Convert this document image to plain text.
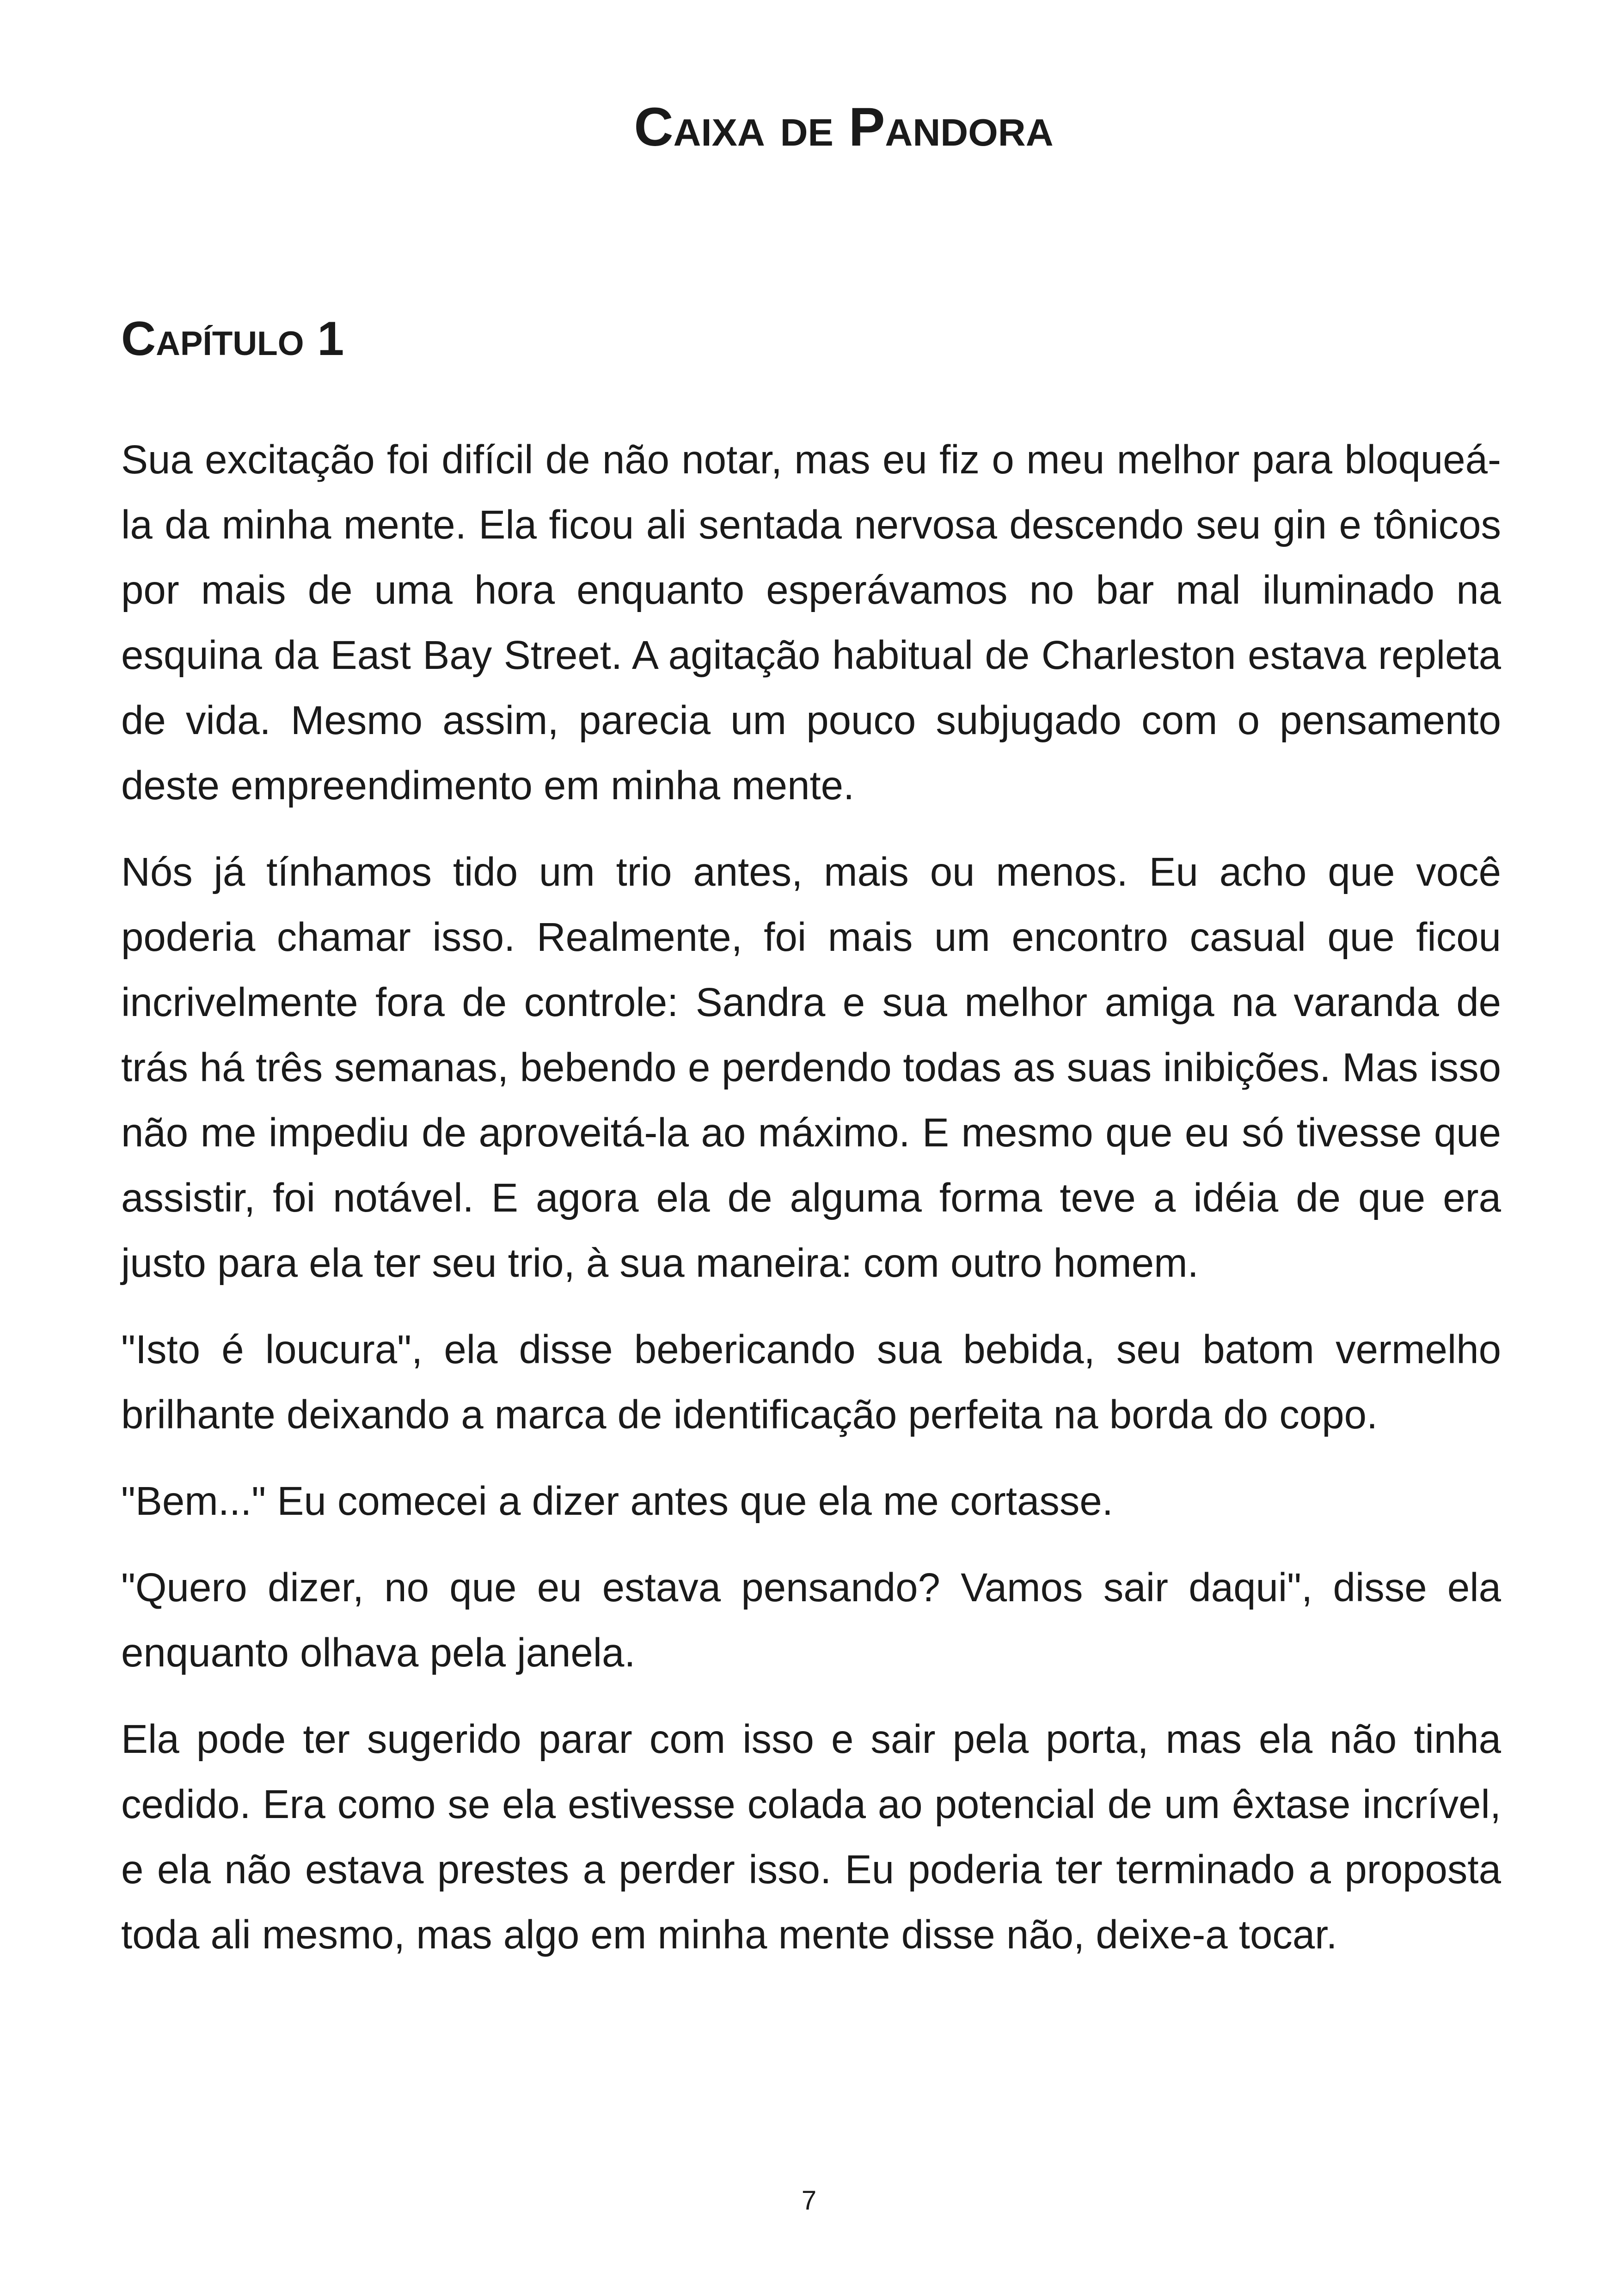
Caixa de Pandora
Capítulo 1

Sua excitação foi difícil de não notar, mas eu fiz o meu melhor para bloqueá-la da minha mente. Ela ficou ali sentada nervosa descendo seu gin e tônicos por mais de uma hora enquanto esperávamos no bar mal iluminado na esquina da East Bay Street. A agitação habitual de Charleston estava repleta de vida. Mesmo assim, parecia um pouco subjugado com o pensamento deste empreendimento em minha mente.

Nós já tínhamos tido um trio antes, mais ou menos. Eu acho que você poderia chamar isso. Realmente, foi mais um encontro casual que ficou incrivelmente fora de controle: Sandra e sua melhor amiga na varanda de trás há três semanas, bebendo e perdendo todas as suas inibições. Mas isso não me impediu de aproveitá-la ao máximo. E mesmo que eu só tivesse que assistir, foi notável. E agora ela de alguma forma teve a idéia de que era justo para ela ter seu trio, à sua maneira: com outro homem.

"Isto é loucura", ela disse bebericando sua bebida, seu batom vermelho brilhante deixando a marca de identificação perfeita na borda do copo.

"Bem..." Eu comecei a dizer antes que ela me cortasse.

"Quero dizer, no que eu estava pensando? Vamos sair daqui", disse ela enquanto olhava pela janela.

Ela pode ter sugerido parar com isso e sair pela porta, mas ela não tinha cedido. Era como se ela estivesse colada ao potencial de um êxtase incrível, e ela não estava prestes a perder isso. Eu poderia ter terminado a proposta toda ali mesmo, mas algo em minha mente disse não, deixe-a tocar.

7
